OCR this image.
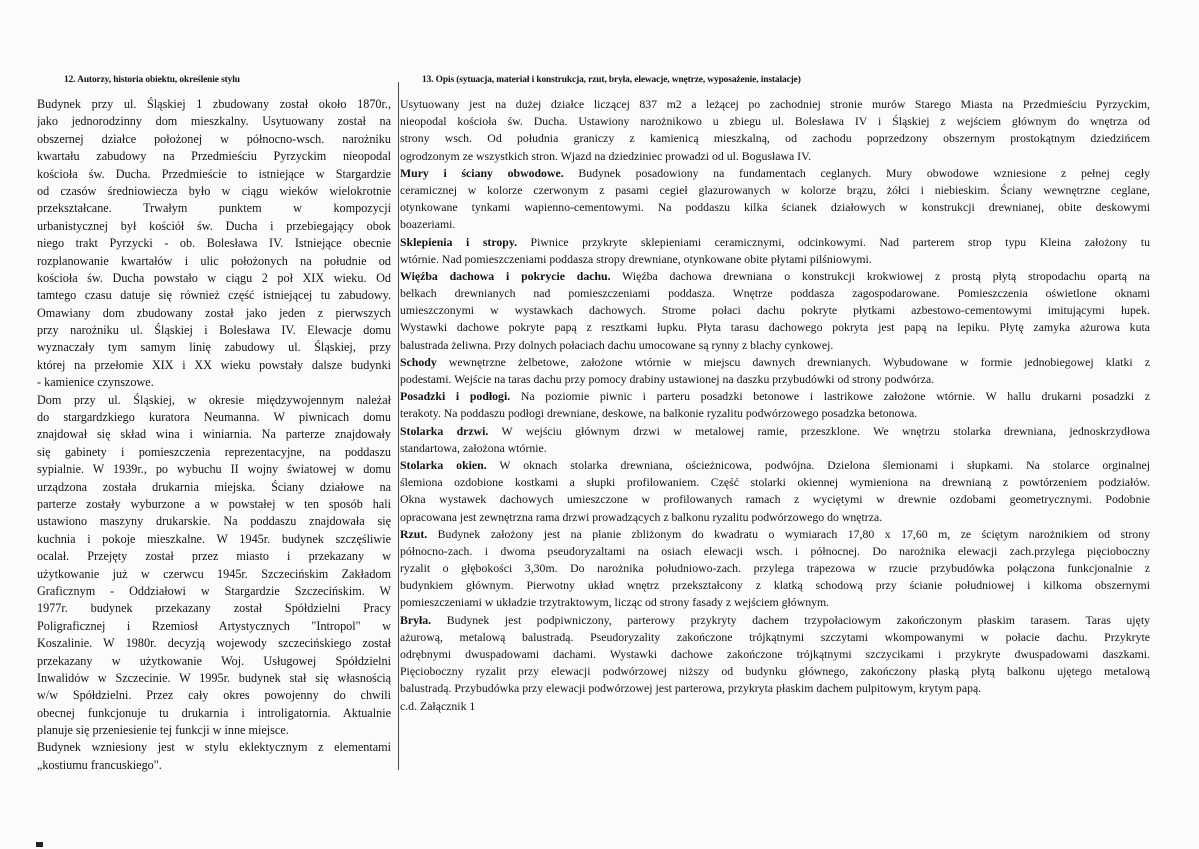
12. Autorzy, historia obiektu, określenie stylu
Budynek przy ul. Śląskiej 1 zbudowany został około 1870r.,
jako jednorodzinny dom mieszkalny. Usytuowany został na
obszernej działce położonej w północno-wsch. narożniku
kwartału zabudowy na Przedmieściu Pyrzyckim nieopodal
kościoła św. Ducha. Przedmieście to istniejące w Stargardzie
od czasów średniowiecza było w ciągu wieków wielokrotnie
przekształcane. Trwałym punktem w kompozycji
urbanistycznej był kościół św. Ducha i przebiegający obok
niego trakt Pyrzycki - ob. Bolesława IV. Istniejące obecnie
rozplanowanie kwartałów i ulic położonych na południe od
kościoła św. Ducha powstało w ciągu 2 poł XIX wieku. Od
tamtego czasu datuje się również część istniejącej tu zabudowy.
Omawiany dom zbudowany został jako jeden z pierwszych
przy narożniku ul. Śląskiej i Bolesława IV. Elewacje domu
wyznaczały tym samym linię zabudowy ul. Śląskiej, przy
której na przełomie XIX i XX wieku powstały dalsze budynki
- kamienice czynszowe.
Dom przy ul. Śląskiej, w okresie międzywojennym należał
do stargardzkiego kuratora Neumanna. W piwnicach domu
znajdował się skład wina i winiarnia. Na parterze znajdowały
się gabinety i pomieszczenia reprezentacyjne, na poddaszu
sypialnie. W 1939r., po wybuchu II wojny światowej w domu
urządzona została drukarnia miejska. Ściany działowe na
parterze zostały wyburzone a w powstałej w ten sposób hali
ustawiono maszyny drukarskie. Na poddaszu znajdowała się
kuchnia i pokoje mieszkalne. W 1945r. budynek szczęśliwie
ocalał. Przejęty został przez miasto i przekazany w
użytkowanie już w czerwcu 1945r. Szczecińskim Zakładom
Graficznym - Oddziałowi w Stargardzie Szczecińskim. W
1977r. budynek przekazany został Spółdzielni Pracy
Poligraficznej i Rzemiosł Artystycznych "Intropol" w
Koszalinie. W 1980r. decyzją wojewody szczecińskiego został
przekazany w użytkowanie Woj. Usługowej Spółdzielni
Inwalidów w Szczecinie. W 1995r. budynek stał się własnością
w/w Spółdzielni. Przez cały okres powojenny do chwili
obecnej funkcjonuje tu drukarnia i introligatornia. Aktualnie
planuje się przeniesienie tej funkcji w inne miejsce.
Budynek wzniesiony jest w stylu eklektycznym z elementami
„kostiumu francuskiego".
13. Opis (sytuacja, materiał i konstrukcja, rzut, bryła, elewacje, wnętrze, wyposażenie, instalacje)
Usytuowany jest na dużej działce liczącej 837 m2 a leżącej po zachodniej stronie murów Starego Miasta na Przedmieściu Pyrzyckim,
nieopodal kościoła św. Ducha. Ustawiony narożnikowo u zbiegu ul. Bolesława IV i Śląskiej z wejściem głównym do wnętrza od
strony wsch. Od południa graniczy z kamienicą mieszkalną, od zachodu poprzedzony obszernym prostokątnym dziedzińcem
ogrodzonym ze wszystkich stron. Wjazd na dziedziniec prowadzi od ul. Bogusława IV.
Mury i ściany obwodowe. Budynek posadowiony na fundamentach ceglanych. Mury obwodowe wzniesione z pełnej cegły
ceramicznej w kolorze czerwonym z pasami cegieł glazurowanych w kolorze brązu, żółci i niebieskim. Ściany wewnętrzne ceglane,
otynkowane tynkami wapienno-cementowymi. Na poddaszu kilka ścianek działowych w konstrukcji drewnianej, obite deskowymi
boazeriami.
Sklepienia i stropy. Piwnice przykryte sklepieniami ceramicznymi, odcinkowymi. Nad parterem strop typu Kleina założony tu
wtórnie. Nad pomieszczeniami poddasza stropy drewniane, otynkowane obite płytami pilśniowymi.
Więźba dachowa i pokrycie dachu. Więźba dachowa drewniana o konstrukcji krokwiowej z prostą płytą stropodachu opartą na
belkach drewnianych nad pomieszczeniami poddasza. Wnętrze poddasza zagospodarowane. Pomieszczenia oświetlone oknami
umieszczonymi w wystawkach dachowych. Strome połaci dachu pokryte płytkami azbestowo-cementowymi imitującymi łupek.
Wystawki dachowe pokryte papą z resztkami łupku. Płyta tarasu dachowego pokryta jest papą na lepiku. Płytę zamyka ażurowa kuta
balustrada żeliwna. Przy dolnych połaciach dachu umocowane są rynny z blachy cynkowej.
Schody wewnętrzne żelbetowe, założone wtórnie w miejscu dawnych drewnianych. Wybudowane w formie jednobiegowej klatki z
podestami. Wejście na taras dachu przy pomocy drabiny ustawionej na daszku przybudówki od strony podwórza.
Posadzki i podłogi. Na poziomie piwnic i parteru posadzki betonowe i lastrikowe założone wtórnie. W hallu drukarni posadzki z
terakoty. Na poddaszu podłogi drewniane, deskowe, na balkonie ryzalitu podwórzowego posadzka betonowa.
Stolarka drzwi. W wejściu głównym drzwi w metalowej ramie, przeszklone. We wnętrzu stolarka drewniana, jednoskrzydłowa
standartowa, założona wtórnie.
Stolarka okien. W oknach stolarka drewniana, ościeżnicowa, podwójna. Dzielona ślemionami i słupkami. Na stolarce orginalnej
ślemiona ozdobione kostkami a słupki profilowaniem. Część stolarki okiennej wymieniona na drewnianą z powtórzeniem podziałów.
Okna wystawek dachowych umieszczone w profilowanych ramach z wyciętymi w drewnie ozdobami geometrycznymi. Podobnie
opracowana jest zewnętrzna rama drzwi prowadzących z balkonu ryzalitu podwórzowego do wnętrza.
Rzut. Budynek założony jest na planie zbliżonym do kwadratu o wymiarach 17,80 x 17,60 m, ze ściętym narożnikiem od strony
północno-zach. i dwoma pseudoryzaltami na osiach elewacji wsch. i północnej. Do narożnika elewacji zach.przylega pięcioboczny
ryzalit o głębokości 3,30m. Do narożnika południowo-zach. przylega trapezowa w rzucie przybudówka połączona funkcjonalnie z
budynkiem głównym. Pierwotny układ wnętrz przekształcony z klatką schodową przy ścianie południowej i kilkoma obszernymi
pomieszczeniami w układzie trzytraktowym, licząc od strony fasady z wejściem głównym.
Bryła. Budynek jest podpiwniczony, parterowy przykryty dachem trzypołaciowym zakończonym płaskim tarasem. Taras ujęty
ażurową, metalową balustradą. Pseudoryzality zakończone trójkątnymi szczytami wkompowanymi w połacie dachu. Przykryte
odrębnymi dwuspadowami dachami. Wystawki dachowe zakończone trójkątnymi szczycikami i przykryte dwuspadowami daszkami.
Pięcioboczny ryzalit przy elewacji podwórzowej niższy od budynku głównego, zakończony płaską płytą balkonu ujętego metalową
balustradą. Przybudówka przy elewacji podwórzowej jest parterowa, przykryta płaskim dachem pulpitowym, krytym papą.
c.d. Załącznik 1
